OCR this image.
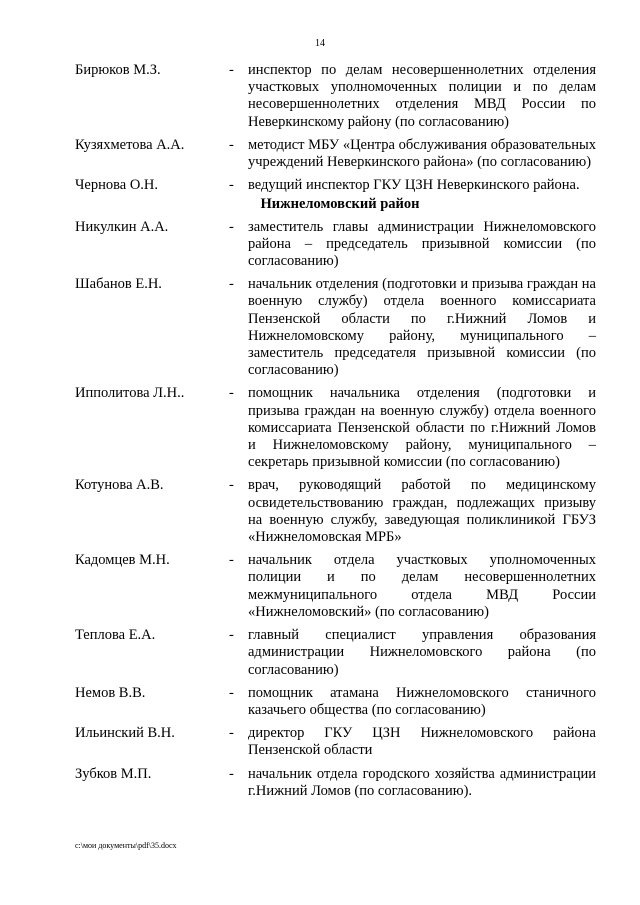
14
Бирюков М.З.	- инспектор по делам несовершеннолетних отделения участковых уполномоченных полиции и по делам несовершеннолетних отделения МВД России по Неверкинскому району (по согласованию)
Кузяхметова А.А.	- методист МБУ «Центра обслуживания образовательных учреждений Неверкинского района» (по согласованию)
Чернова О.Н.	- ведущий инспектор ГКУ ЦЗН Неверкинского района.
Нижнеломовский район
Никулкин А.А.	- заместитель главы администрации Нижнеломовского района – председатель призывной комиссии (по согласованию)
Шабанов Е.Н.	- начальник отделения (подготовки и призыва граждан на военную службу) отдела военного комиссариата Пензенской области по г.Нижний Ломов и Нижнеломовскому району, муниципального – заместитель председателя призывной комиссии (по согласованию)
Ипполитова Л.Н..	- помощник начальника отделения (подготовки и призыва граждан на военную службу) отдела военного комиссариата Пензенской области по г.Нижний Ломов и Нижнеломовскому району, муниципального – секретарь призывной комиссии (по согласованию)
Котунова А.В.	- врач, руководящий работой по медицинскому освидетельствованию граждан, подлежащих призыву на военную службу, заведующая поликлиникой ГБУЗ «Нижнеломовская МРБ»
Кадомцев М.Н.	- начальник отдела участковых уполномоченных полиции и по делам несовершеннолетних межмуниципального отдела МВД России «Нижнеломовский» (по согласованию)
Теплова Е.А.	- главный специалист управления образования администрации Нижнеломовского района (по согласованию)
Немов В.В.	- помощник атамана Нижнеломовского станичного казачьего общества (по согласованию)
Ильинский В.Н.	- директор ГКУ ЦЗН Нижнеломовского района Пензенской области
Зубков М.П.	- начальник отдела городского хозяйства администрации г.Нижний Ломов (по согласованию).
c:\мои документы\pdf\35.docx
